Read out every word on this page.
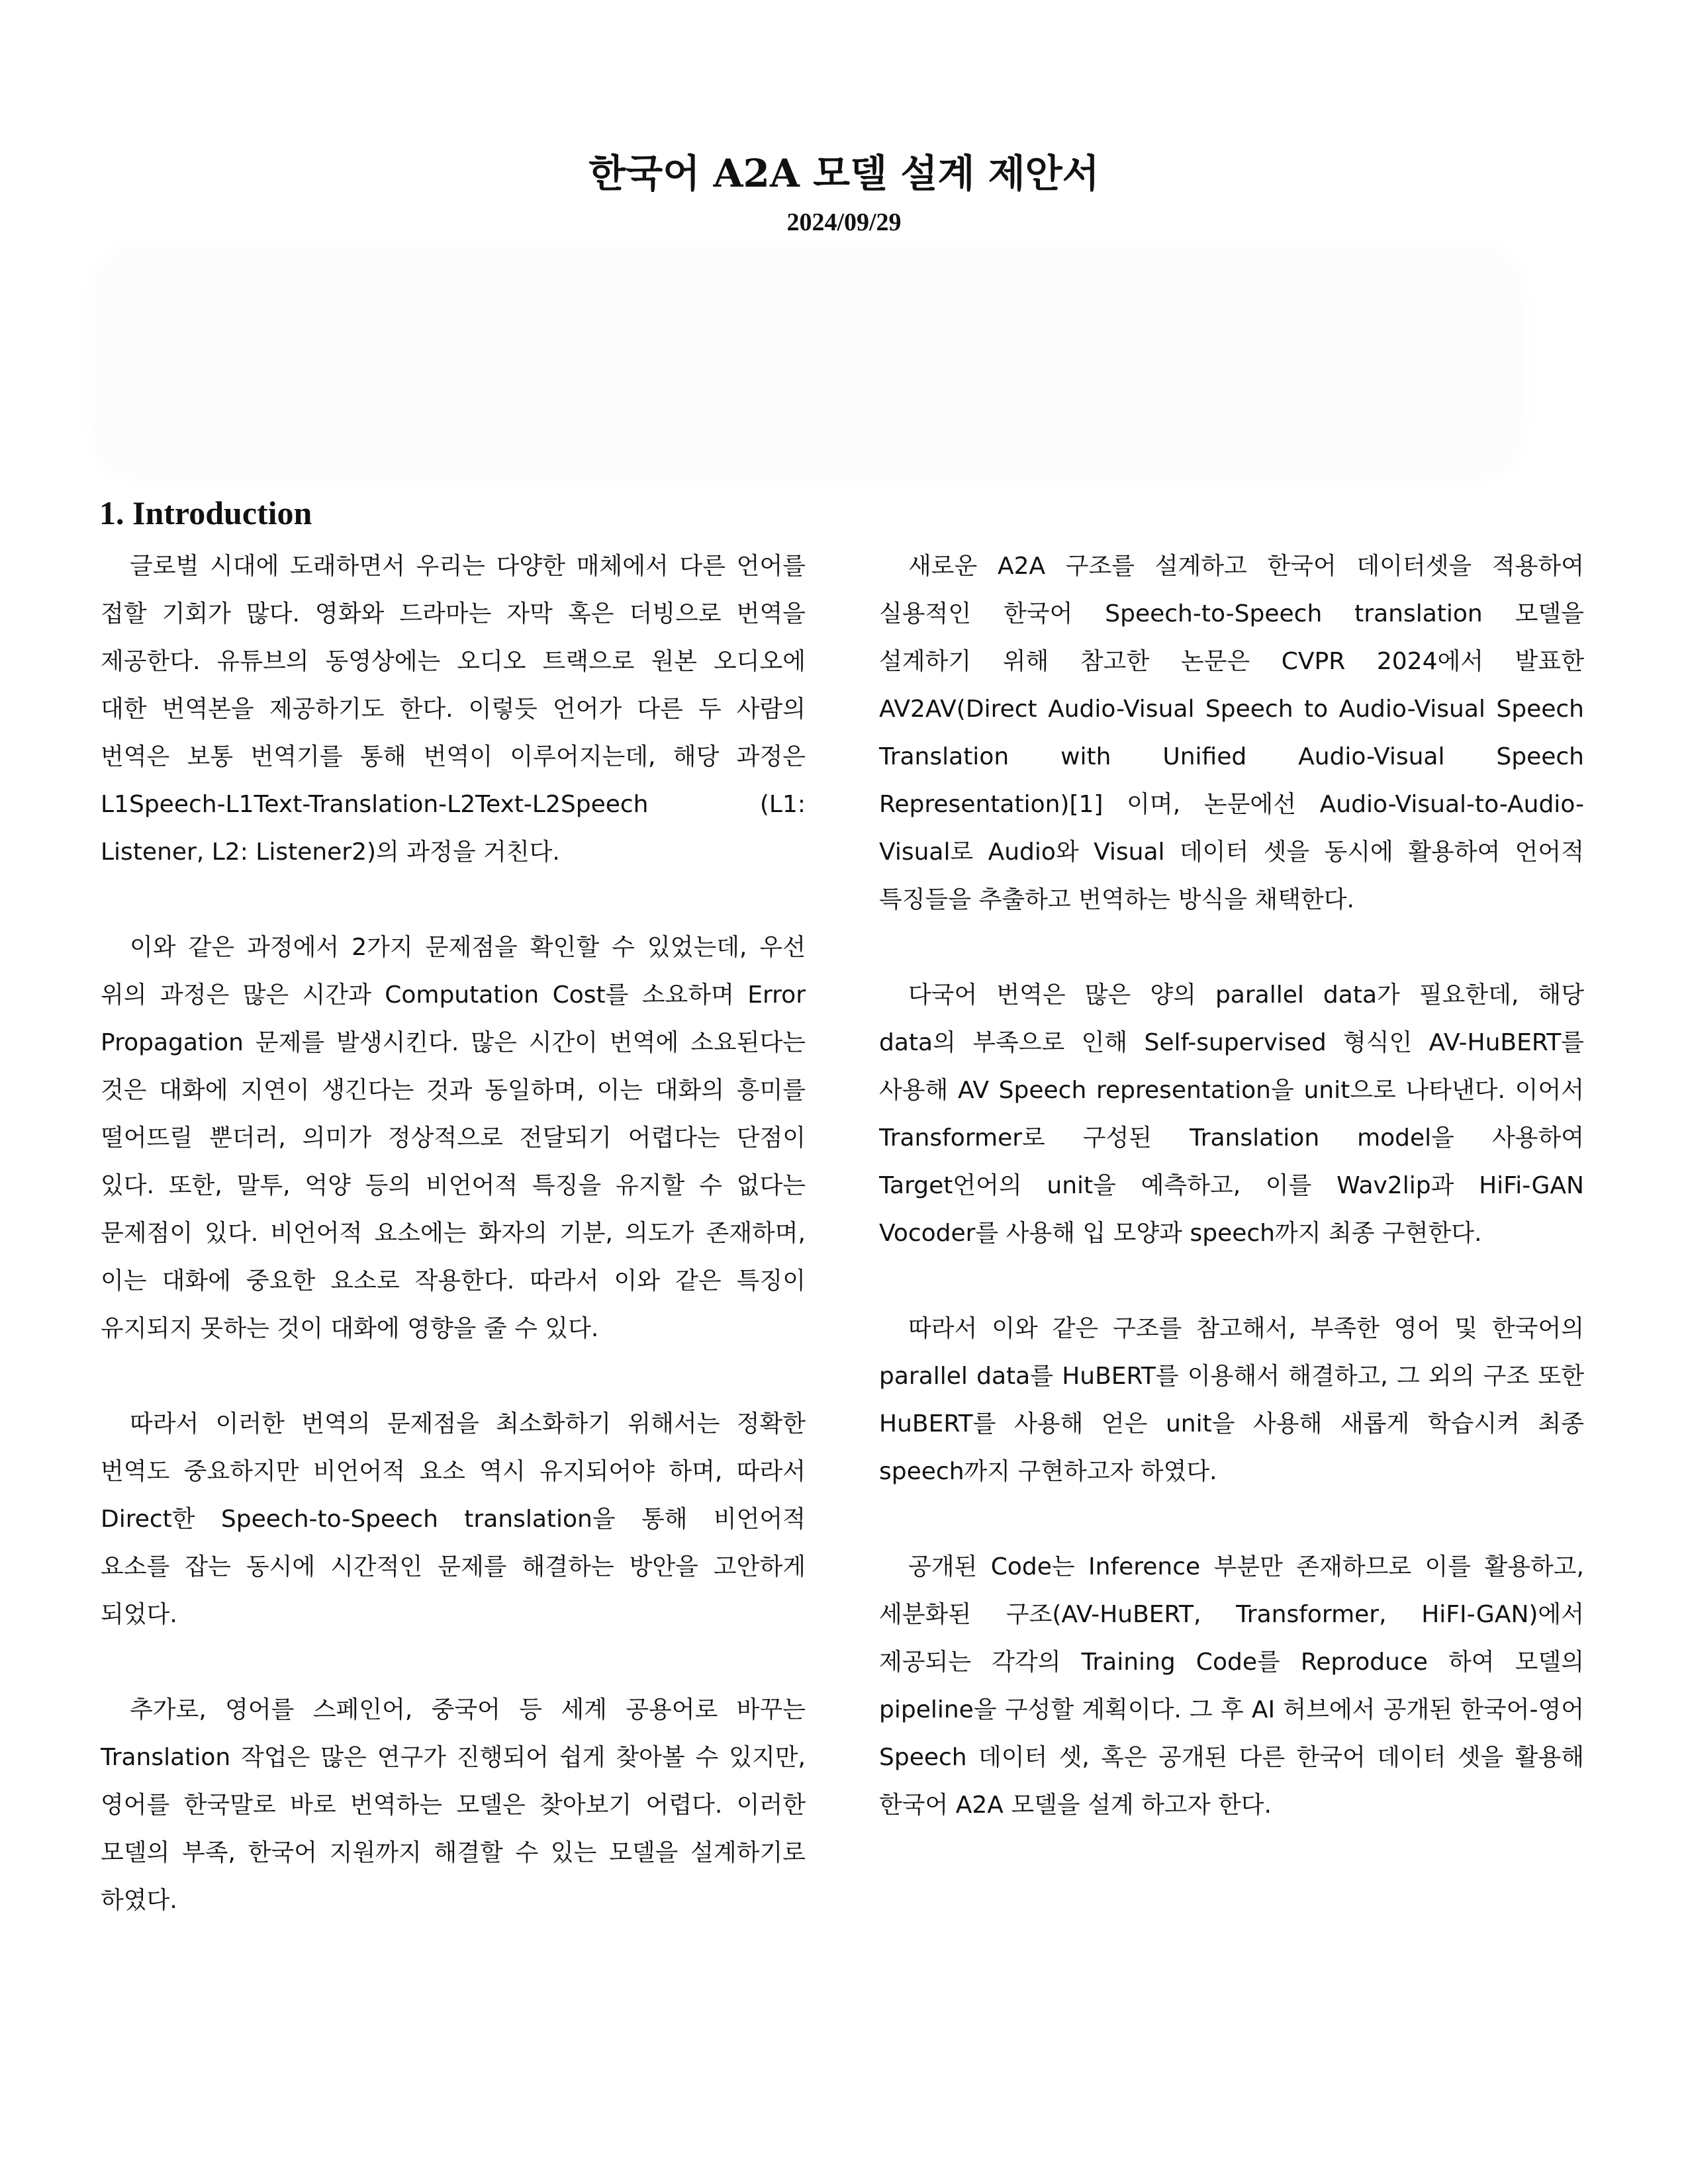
한국어 A2A 모델 설계 제안서
2024/09/29
1. Introduction

글로벌 시대에 도래하면서 우리는 다양한 매체에서 다른 언어를 접할 기회가 많다. 영화와 드라마는 자막 혹은 더빙으로 번역을 제공한다. 유튜브의 동영상에는 오디오 트랙으로 원본 오디오에 대한 번역본을 제공하기도 한다. 이렇듯 언어가 다른 두 사람의 번역은 보통 번역기를 통해 번역이 이루어지는데, 해당 과정은 L1Speech-L1Text-Translation-L2Text-L2Speech (L1: Listener, L2: Listener2)의 과정을 거친다.

이와 같은 과정에서 2가지 문제점을 확인할 수 있었는데, 우선 위의 과정은 많은 시간과 Computation Cost를 소요하며 Error Propagation 문제를 발생시킨다. 많은 시간이 번역에 소요된다는 것은 대화에 지연이 생긴다는 것과 동일하며, 이는 대화의 흥미를 떨어뜨릴 뿐더러, 의미가 정상적으로 전달되기 어렵다는 단점이 있다. 또한, 말투, 억양 등의 비언어적 특징을 유지할 수 없다는 문제점이 있다. 비언어적 요소에는 화자의 기분, 의도가 존재하며, 이는 대화에 중요한 요소로 작용한다. 따라서 이와 같은 특징이 유지되지 못하는 것이 대화에 영향을 줄 수 있다.

따라서 이러한 번역의 문제점을 최소화하기 위해서는 정확한 번역도 중요하지만 비언어적 요소 역시 유지되어야 하며, 따라서 Direct한 Speech-to-Speech translation을 통해 비언어적 요소를 잡는 동시에 시간적인 문제를 해결하는 방안을 고안하게 되었다.

추가로, 영어를 스페인어, 중국어 등 세계 공용어로 바꾸는 Translation 작업은 많은 연구가 진행되어 쉽게 찾아볼 수 있지만, 영어를 한국말로 바로 번역하는 모델은 찾아보기 어렵다. 이러한 모델의 부족, 한국어 지원까지 해결할 수 있는 모델을 설계하기로 하였다.

새로운 A2A 구조를 설계하고 한국어 데이터셋을 적용하여 실용적인 한국어 Speech-to-Speech translation 모델을 설계하기 위해 참고한 논문은 CVPR 2024에서 발표한 AV2AV(Direct Audio-Visual Speech to Audio-Visual Speech Translation with Unified Audio-Visual Speech Representation)[1] 이며, 논문에선 Audio-Visual-to-Audio-Visual로 Audio와 Visual 데이터 셋을 동시에 활용하여 언어적 특징들을 추출하고 번역하는 방식을 채택한다.

다국어 번역은 많은 양의 parallel data가 필요한데, 해당 data의 부족으로 인해 Self-supervised 형식인 AV-HuBERT를 사용해 AV Speech representation을 unit으로 나타낸다. 이어서 Transformer로 구성된 Translation model을 사용하여 Target언어의 unit을 예측하고, 이를 Wav2lip과 HiFi-GAN Vocoder를 사용해 입 모양과 speech까지 최종 구현한다.

따라서 이와 같은 구조를 참고해서, 부족한 영어 및 한국어의 parallel data를 HuBERT를 이용해서 해결하고, 그 외의 구조 또한 HuBERT를 사용해 얻은 unit을 사용해 새롭게 학습시켜 최종 speech까지 구현하고자 하였다.

공개된 Code는 Inference 부분만 존재하므로 이를 활용하고, 세분화된 구조(AV-HuBERT, Transformer, HiFI-GAN)에서 제공되는 각각의 Training Code를 Reproduce 하여 모델의 pipeline을 구성할 계획이다. 그 후 AI 허브에서 공개된 한국어-영어 Speech 데이터 셋, 혹은 공개된 다른 한국어 데이터 셋을 활용해 한국어 A2A 모델을 설계 하고자 한다.
